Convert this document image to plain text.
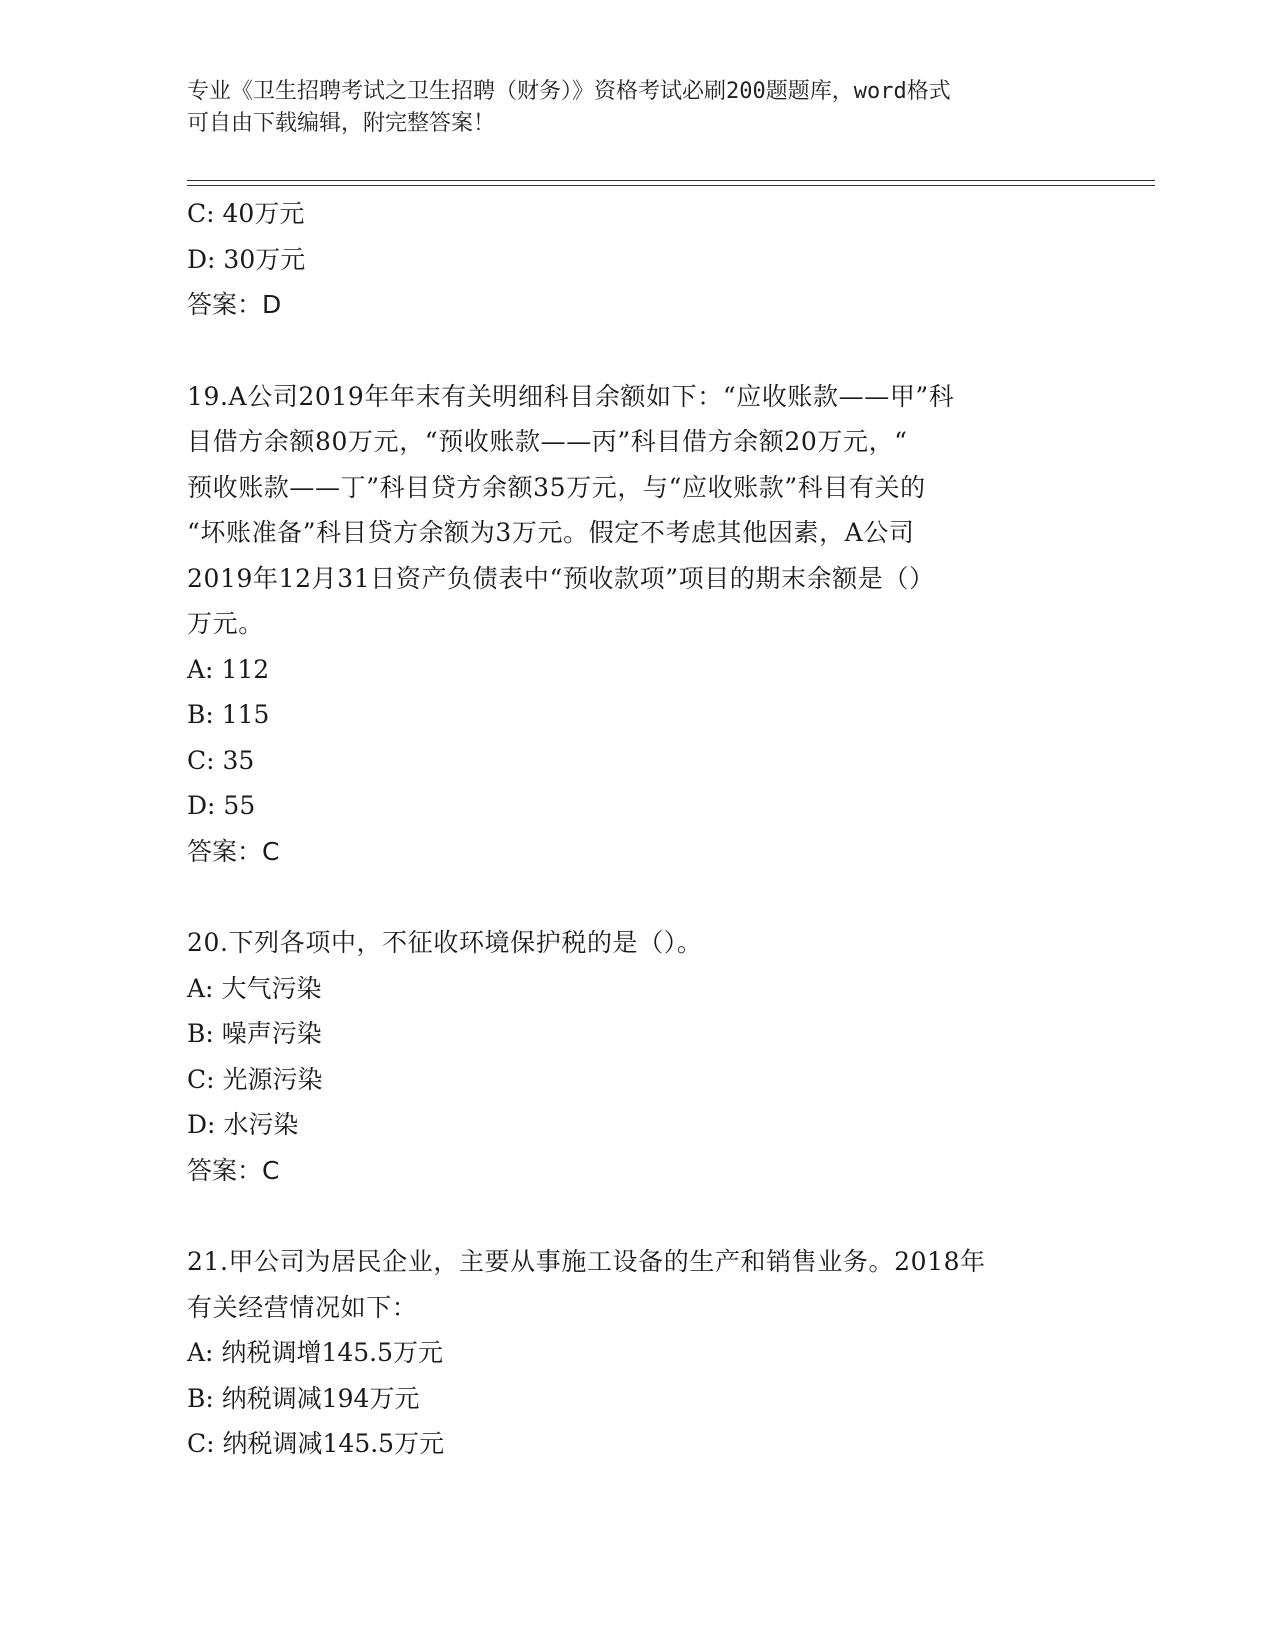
专业《卫生招聘考试之卫生招聘（财务）》资格考试必刷200题题库，word格式
可自由下载编辑，附完整答案！
C: 40万元
D: 30万元
答案：D
19.A公司2019年年末有关明细科目余额如下：“应收账款——甲”科
目借方余额80万元，“预收账款——丙”科目借方余额20万元，“
预收账款——丁”科目贷方余额35万元，与“应收账款”科目有关的
“坏账准备”科目贷方余额为3万元。假定不考虑其他因素，A公司
2019年12月31日资产负债表中“预收款项”项目的期末余额是（）
万元。
A: 112
B: 115
C: 35
D: 55
答案：C
20.下列各项中，不征收环境保护税的是（）。
A: 大气污染
B: 噪声污染
C: 光源污染
D: 水污染
答案：C
21.甲公司为居民企业，主要从事施工设备的生产和销售业务。2018年
有关经营情况如下：
A: 纳税调增145.5万元
B: 纳税调减194万元
C: 纳税调减145.5万元
